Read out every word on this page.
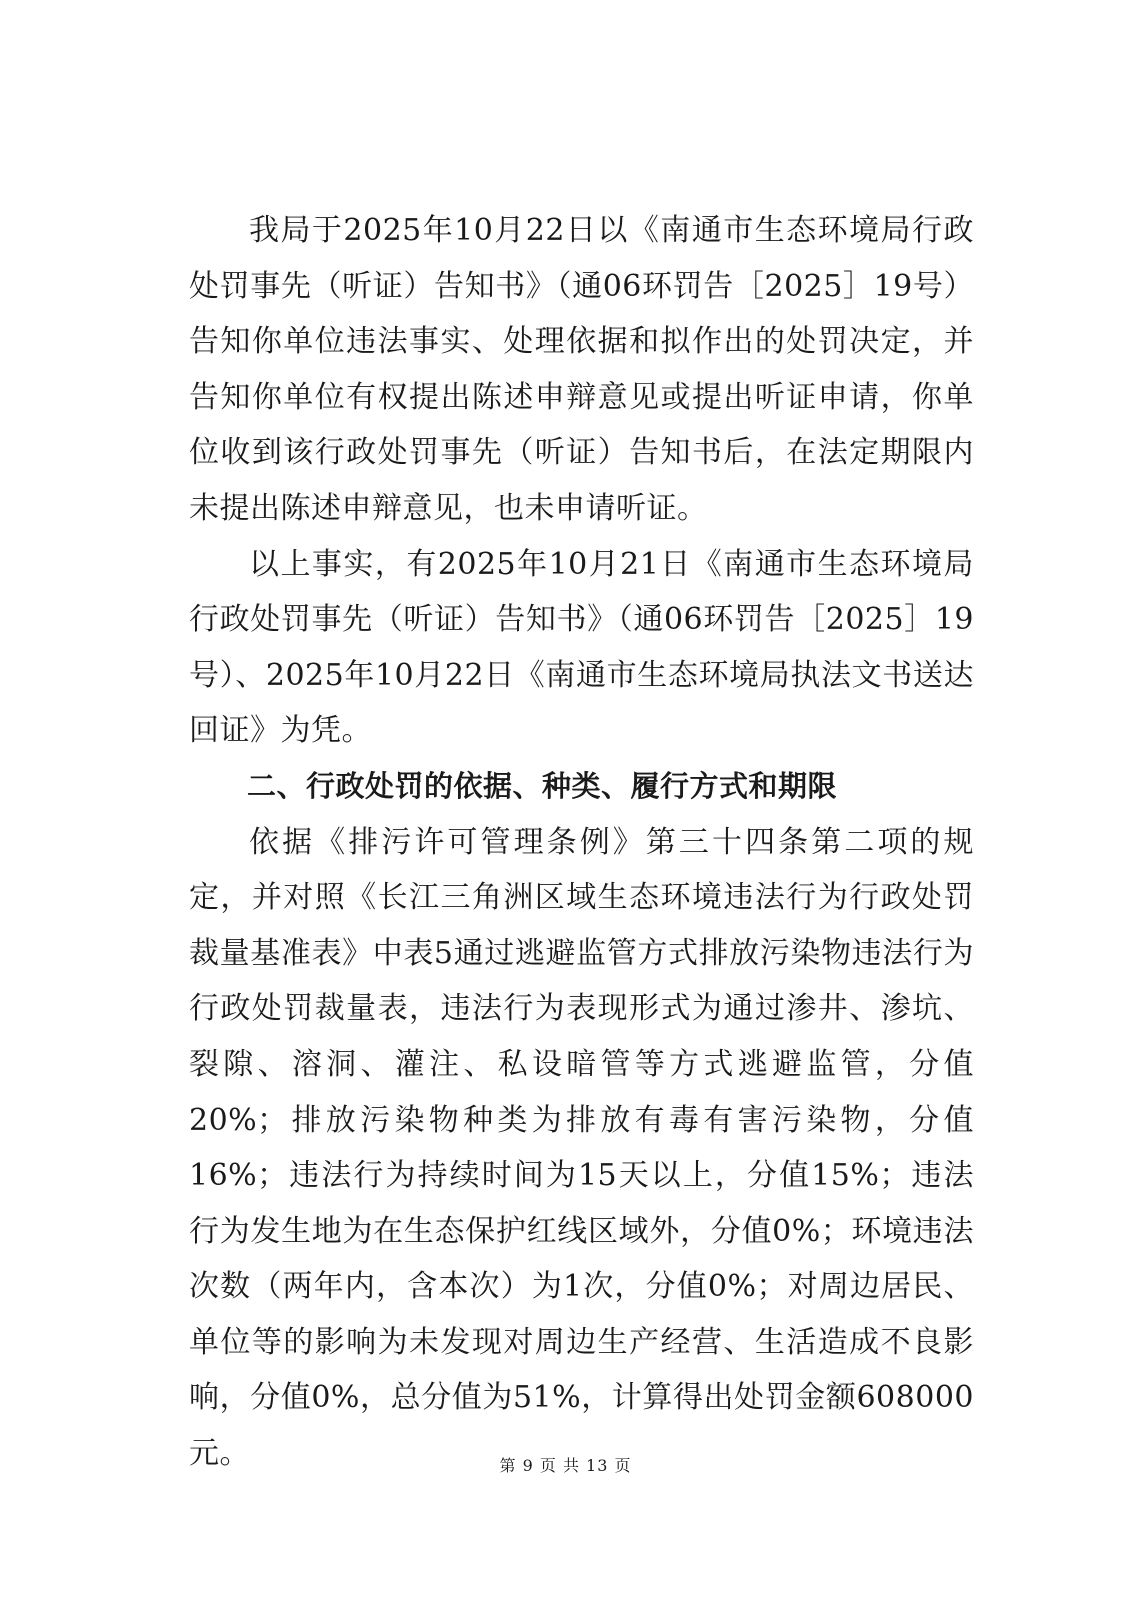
我局于2025年10月22日以《南通市生态环境局行政处罚事先（听证）告知书》（通06环罚告［2025］19号）告知你单位违法事实、处理依据和拟作出的处罚决定，并告知你单位有权提出陈述申辩意见或提出听证申请，你单位收到该行政处罚事先（听证）告知书后，在法定期限内未提出陈述申辩意见，也未申请听证。

以上事实，有2025年10月21日《南通市生态环境局行政处罚事先（听证）告知书》（通06环罚告［2025］19号）、2025年10月22日《南通市生态环境局执法文书送达回证》为凭。

二、行政处罚的依据、种类、履行方式和期限

依据《排污许可管理条例》第三十四条第二项的规定，并对照《长江三角洲区域生态环境违法行为行政处罚裁量基准表》中表5通过逃避监管方式排放污染物违法行为行政处罚裁量表，违法行为表现形式为通过渗井、渗坑、裂隙、溶洞、灌注、私设暗管等方式逃避监管，分值20%；排放污染物种类为排放有毒有害污染物，分值16%；违法行为持续时间为15天以上，分值15%；违法行为发生地为在生态保护红线区域外，分值0%；环境违法次数（两年内，含本次）为1次，分值0%；对周边居民、单位等的影响为未发现对周边生产经营、生活造成不良影响，分值0%，总分值为51%，计算得出处罚金额608000元。	第 9 页 共 13 页
